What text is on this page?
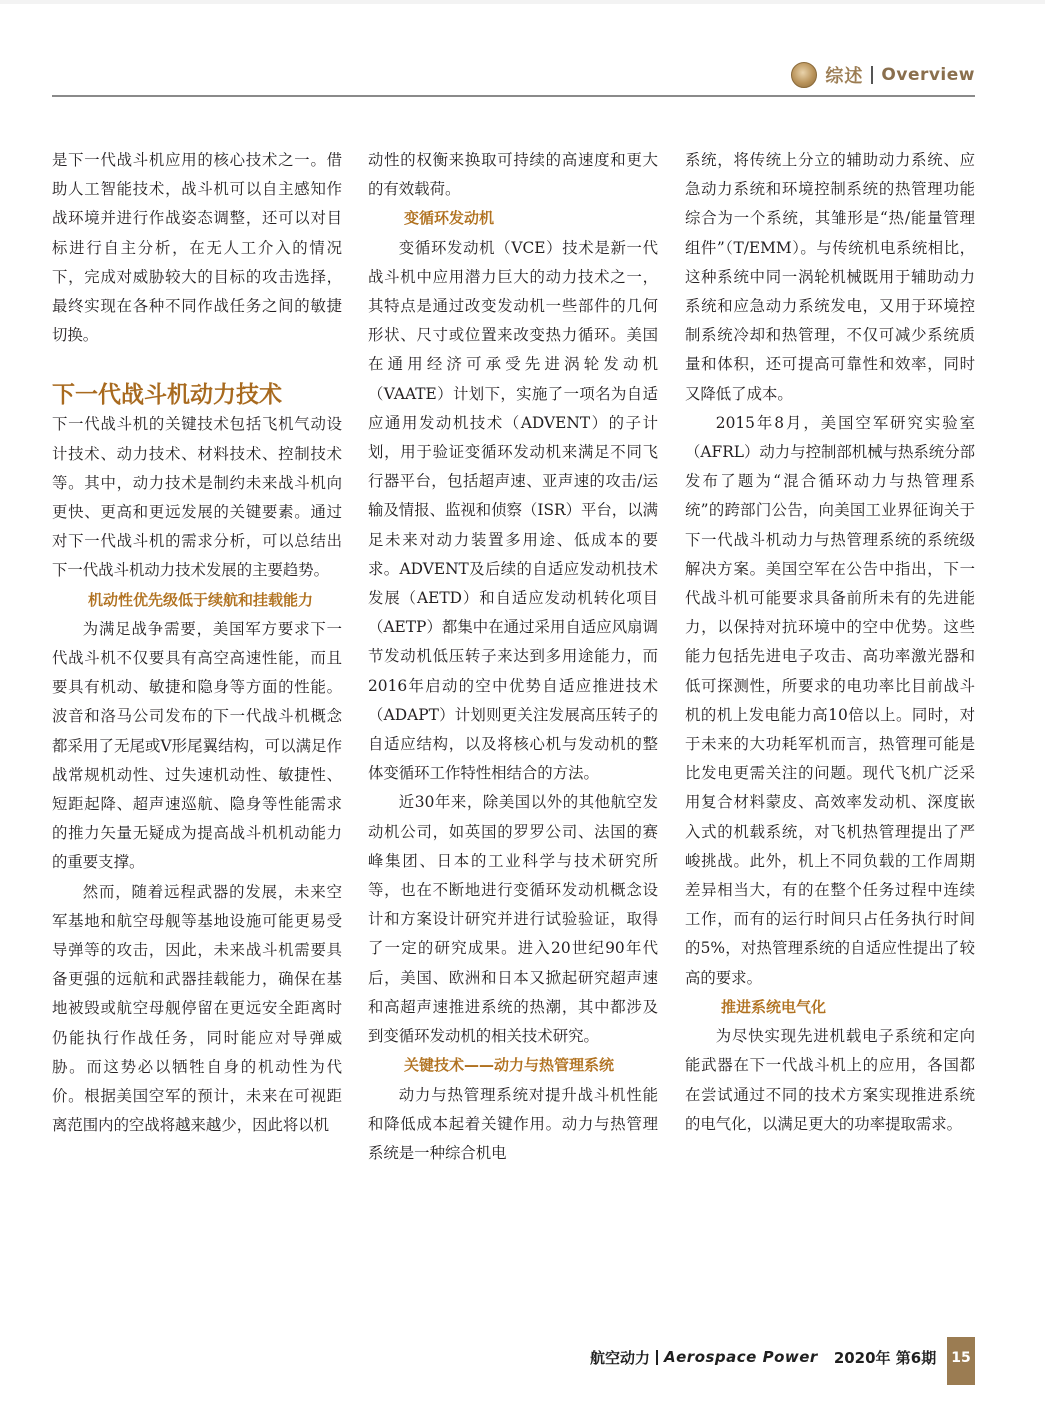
综述 Overview

是下一代战斗机应用的核心技术之一。借助人工智能技术，战斗机可以自主感知作战环境并进行作战姿态调整，还可以对目标进行自主分析，在无人工介入的情况下，完成对威胁较大的目标的攻击选择，最终实现在各种不同作战任务之间的敏捷切换。

下一代战斗机动力技术

下一代战斗机的关键技术包括飞机气动设计技术、动力技术、材料技术、控制技术等。其中，动力技术是制约未来战斗机向更快、更高和更远发展的关键要素。通过对下一代战斗机的需求分析，可以总结出下一代战斗机动力技术发展的主要趋势。

机动性优先级低于续航和挂载能力

为满足战争需要，美国军方要求下一代战斗机不仅要具有高空高速性能，而且要具有机动、敏捷和隐身等方面的性能。波音和洛马公司发布的下一代战斗机概念都采用了无尾或V形尾翼结构，可以满足作战常规机动性、过失速机动性、敏捷性、短距起降、超声速巡航、隐身等性能需求的推力矢量无疑成为提高战斗机机动能力的重要支撑。

然而，随着远程武器的发展，未来空军基地和航空母舰等基地设施可能更易受导弹等的攻击，因此，未来战斗机需要具备更强的远航和武器挂载能力，确保在基地被毁或航空母舰停留在更远安全距离时仍能执行作战任务，同时能应对导弹威胁。而这势必以牺牲自身的机动性为代价。根据美国空军的预计，未来在可视距离范围内的空战将越来越少，因此将以机

动性的权衡来换取可持续的高速度和更大的有效载荷。

变循环发动机

变循环发动机（VCE）技术是新一代战斗机中应用潜力巨大的动力技术之一，其特点是通过改变发动机一些部件的几何形状、尺寸或位置来改变热力循环。美国在通用经济可承受先进涡轮发动机（VAATE）计划下，实施了一项名为自适应通用发动机技术（ADVENT）的子计划，用于验证变循环发动机来满足不同飞行器平台，包括超声速、亚声速的攻击/运输及情报、监视和侦察（ISR）平台，以满足未来对动力装置多用途、低成本的要求。ADVENT及后续的自适应发动机技术发展（AETD）和自适应发动机转化项目（AETP）都集中在通过采用自适应风扇调节发动机低压转子来达到多用途能力，而2016年启动的空中优势自适应推进技术（ADAPT）计划则更关注发展高压转子的自适应结构，以及将核心机与发动机的整体变循环工作特性相结合的方法。

近30年来，除美国以外的其他航空发动机公司，如英国的罗罗公司、法国的赛峰集团、日本的工业科学与技术研究所等，也在不断地进行变循环发动机概念设计和方案设计研究并进行试验验证，取得了一定的研究成果。进入20世纪90年代后，美国、欧洲和日本又掀起研究超声速和高超声速推进系统的热潮，其中都涉及到变循环发动机的相关技术研究。

关键技术——动力与热管理系统

动力与热管理系统对提升战斗机性能和降低成本起着关键作用。动力与热管理系统是一种综合机电

系统，将传统上分立的辅助动力系统、应急动力系统和环境控制系统的热管理功能综合为一个系统，其雏形是“热/能量管理组件”（T/EMM）。与传统机电系统相比，这种系统中同一涡轮机械既用于辅助动力系统和应急动力系统发电，又用于环境控制系统冷却和热管理，不仅可减少系统质量和体积，还可提高可靠性和效率，同时又降低了成本。

2015年8月，美国空军研究实验室（AFRL）动力与控制部机械与热系统分部发布了题为“混合循环动力与热管理系统”的跨部门公告，向美国工业界征询关于下一代战斗机动力与热管理系统的系统级解决方案。美国空军在公告中指出，下一代战斗机可能要求具备前所未有的先进能力，以保持对抗环境中的空中优势。这些能力包括先进电子攻击、高功率激光器和低可探测性，所要求的电功率比目前战斗机的机上发电能力高10倍以上。同时，对于未来的大功耗军机而言，热管理可能是比发电更需关注的问题。现代飞机广泛采用复合材料蒙皮、高效率发动机、深度嵌入式的机载系统，对飞机热管理提出了严峻挑战。此外，机上不同负载的工作周期差异相当大，有的在整个任务过程中连续工作，而有的运行时间只占任务执行时间的5%，对热管理系统的自适应性提出了较高的要求。

推进系统电气化

为尽快实现先进机载电子系统和定向能武器在下一代战斗机上的应用，各国都在尝试通过不同的技术方案实现推进系统的电气化，以满足更大的功率提取需求。

航空动力 Aerospace Power 2020年 第6期	15
